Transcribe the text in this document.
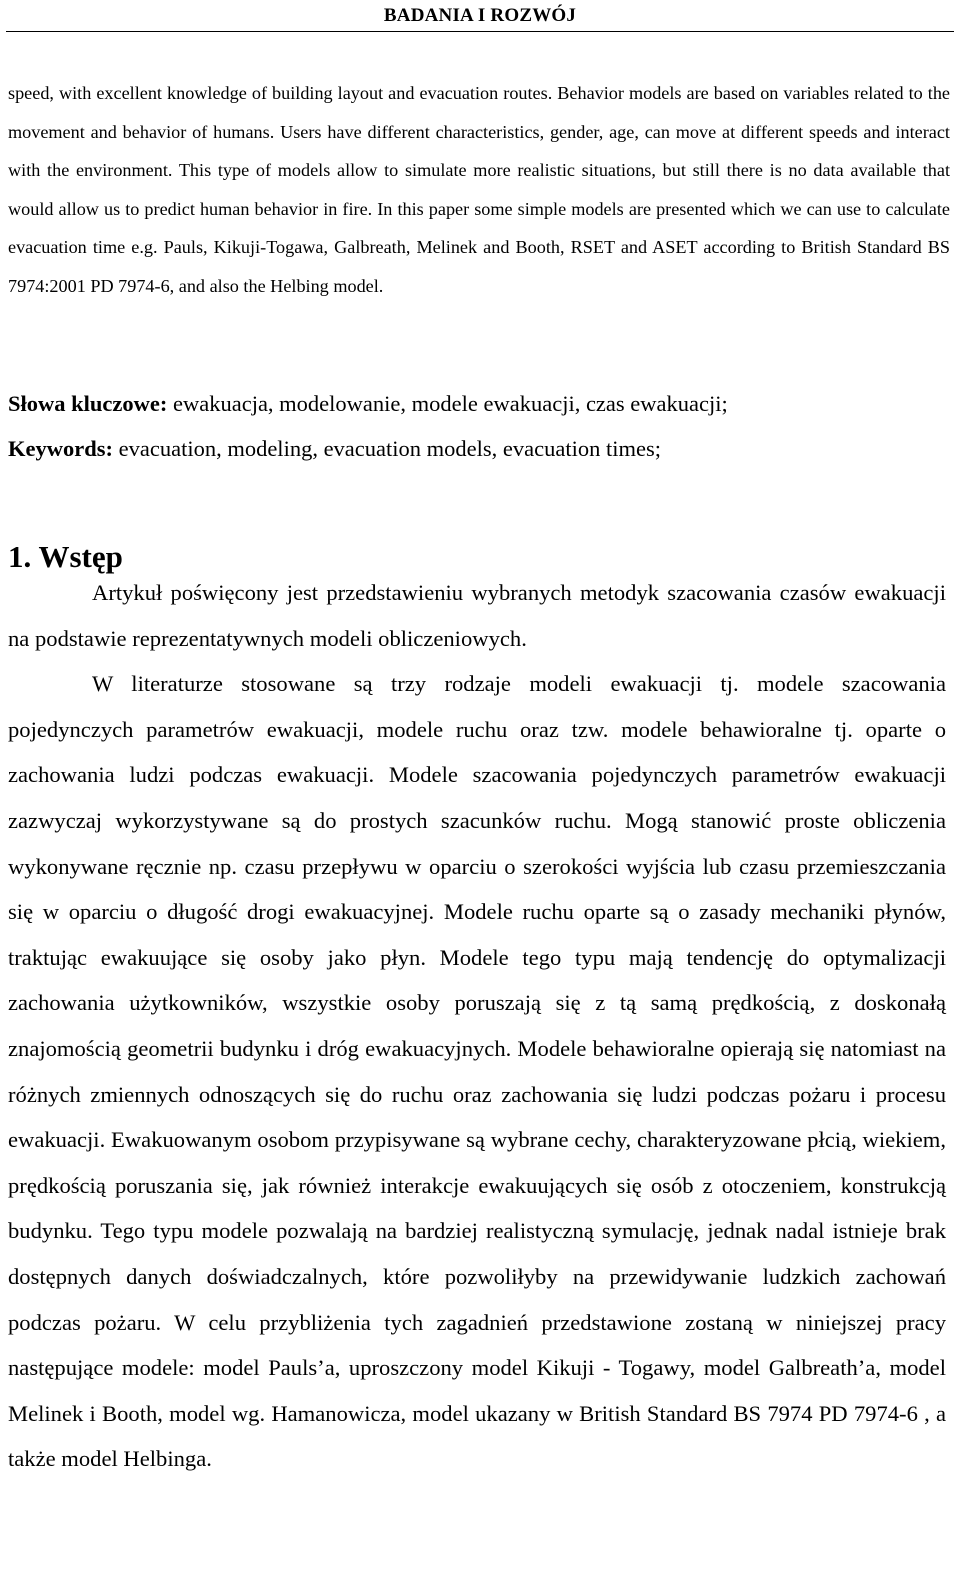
BADANIA I ROZWÓJ
speed, with excellent knowledge of building layout and evacuation routes. Behavior models are based on variables related to the movement and behavior of humans. Users have different characteristics, gender, age, can move at different speeds and interact with the environment. This type of models allow to simulate more realistic situations, but still there is no data available that would allow us to predict human behavior in fire. In this paper some simple models are presented which we can use to calculate evacuation time e.g. Pauls, Kikuji-Togawa, Galbreath, Melinek and Booth, RSET and ASET according to British Standard BS 7974:2001 PD 7974-6, and also the Helbing model.
Słowa kluczowe: ewakuacja, modelowanie, modele ewakuacji, czas ewakuacji;
Keywords: evacuation, modeling, evacuation models, evacuation times;
1. Wstęp

Artykuł poświęcony jest przedstawieniu wybranych metodyk szacowania czasów ewakuacji na podstawie reprezentatywnych modeli obliczeniowych.

W literaturze stosowane są trzy rodzaje modeli ewakuacji tj. modele szacowania pojedynczych parametrów ewakuacji, modele ruchu oraz tzw. modele behawioralne tj. oparte o zachowania ludzi podczas ewakuacji. Modele szacowania pojedynczych parametrów ewakuacji zazwyczaj wykorzystywane są do prostych szacunków ruchu. Mogą stanowić proste obliczenia wykonywane ręcznie np. czasu przepływu w oparciu o szerokości wyjścia lub czasu przemieszczania się w oparciu o długość drogi ewakuacyjnej. Modele ruchu oparte są o zasady mechaniki płynów, traktując ewakuujące się osoby jako płyn. Modele tego typu mają tendencję do optymalizacji zachowania użytkowników, wszystkie osoby poruszają się z tą samą prędkością, z doskonałą znajomością geometrii budynku i dróg ewakuacyjnych. Modele behawioralne opierają się natomiast na różnych zmiennych odnoszących się do ruchu oraz zachowania się ludzi podczas pożaru i procesu ewakuacji. Ewakuowanym osobom przypisywane są wybrane cechy, charakteryzowane płcią, wiekiem, prędkością poruszania się, jak również interakcje ewakuujących się osób z otoczeniem, konstrukcją budynku. Tego typu modele pozwalają na bardziej realistyczną symulację, jednak nadal istnieje brak dostępnych danych doświadczalnych, które pozwoliłyby na przewidywanie ludzkich zachowań podczas pożaru. W celu przybliżenia tych zagadnień przedstawione zostaną w niniejszej pracy następujące modele: model Pauls’a, uproszczony model Kikuji - Togawy, model Galbreath’a, model Melinek i Booth, model wg. Hamanowicza, model ukazany w British Standard BS 7974 PD 7974-6 , a także model Helbinga.
